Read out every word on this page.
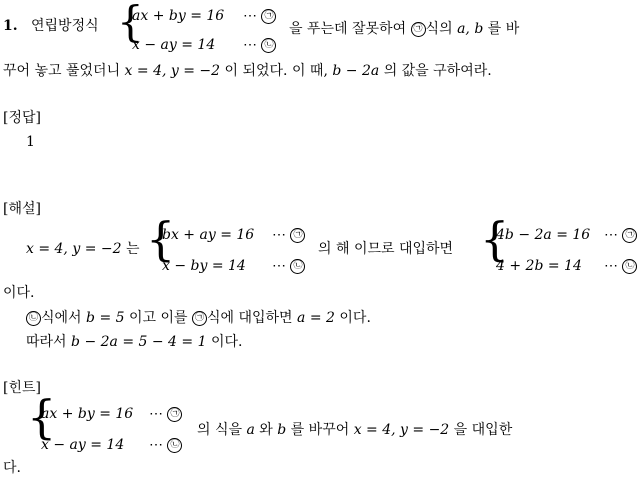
1. 연립방정식 {
ax + by = 16 ⋯ ㉠
x − ay = 14 ⋯ ㉡
을 푸는데 잘못하여 ㉠ 식의 a, b 를 바
꾸어 놓고 풀었더니 x = 4, y = −2 이 되었다. 이 때, b − 2a 의 값을 구하여라.
[정답]
1
[해설]
x = 4, y = −2 는 {
bx + ay = 16 ⋯ ㉠
x − by = 14 ⋯ ㉡
의 해 이므로 대입하면 {
4b − 2a = 16 ⋯ ㉠
4 + 2b = 14 ⋯ ㉡
이다.
㉡ 식에서 b = 5 이고 이를 ㉠ 식에 대입하면 a = 2 이다.
따라서 b − 2a = 5 − 4 = 1 이다.
[힌트]
{
ax + by = 16 ⋯ ㉠
x − ay = 14 ⋯ ㉡
의 식을 a 와 b 를 바꾸어 x = 4, y = −2 을 대입한
다.
